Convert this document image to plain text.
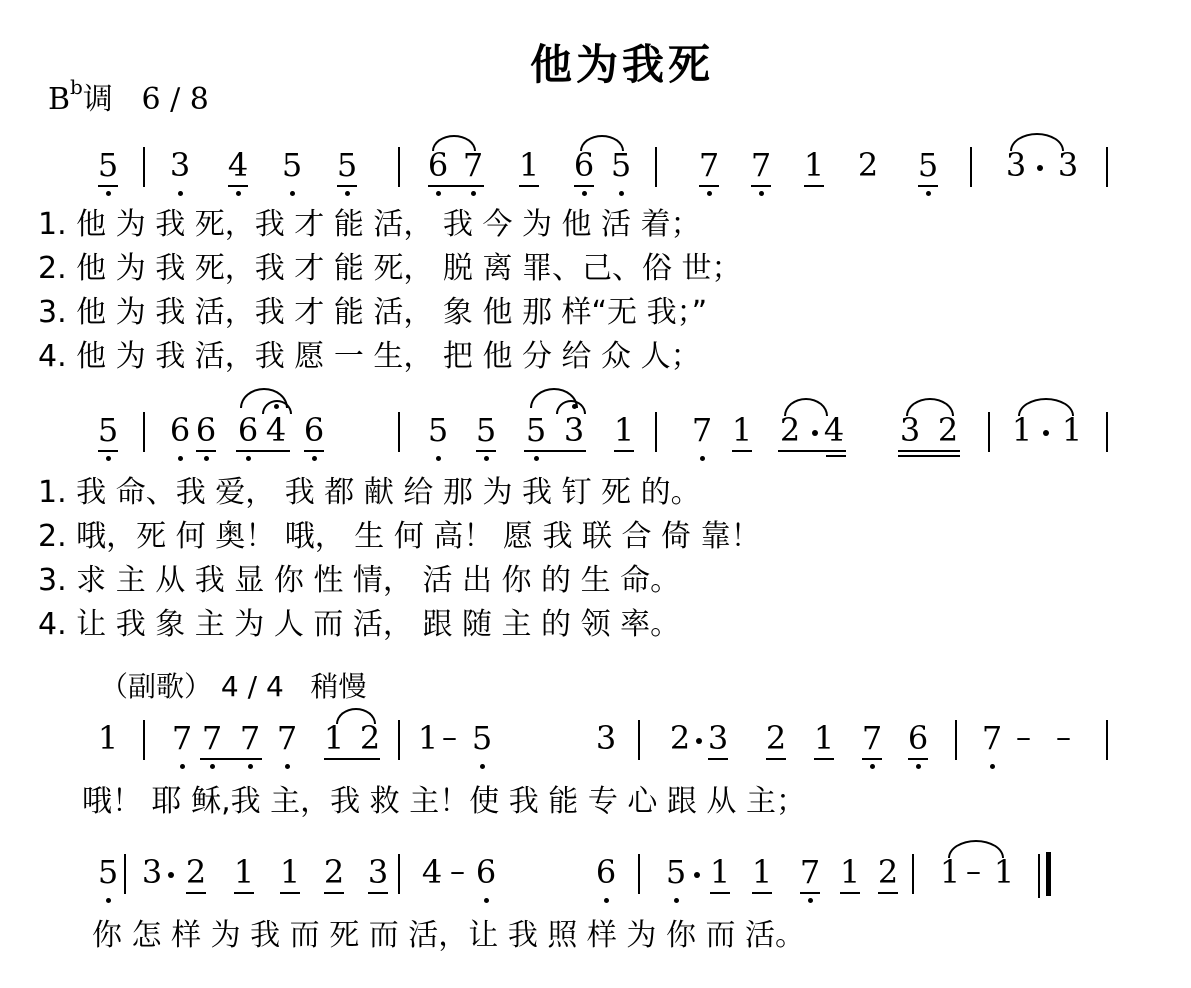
他为我死
$B^b$调 6 / 8
5 3 4 5 5 6 7 1 6 5 7 7 1 2 5 3 3
1. 他 为 我 死，我 才 能 活， 我 今 为 他 活 着；
2. 他 为 我 死，我 才 能 死， 脱 离 罪、己、俗 世；
3. 他 为 我 活，我 才 能 活， 象 他 那 样“无 我；”
4. 他 为 我 活，我 愿 一 生， 把 他 分 给 众 人；
5 6 6 6 4 6	5 5 5 3 1 7 1 2 4 3 2 1 1
1. 我 命、我 爱， 我 都 献 给 那 为 我 钉 死 的。
2. 哦，死 何 奥！ 哦， 生 何 高！ 愿 我 联 合 倚 靠！
3. 求 主 从 我 显 你 性 情， 活 出 你 的 生 命。
4. 让 我 象 主 为 人 而 活， 跟 随 主 的 领 率。
（副歌） 4 / 4   稍慢
1 7 7 7 7 1 2 1 – 5	3 2 3 2 1 7 6 7 – –
哦！ 耶 稣,我 主，我 救 主！使 我 能 专 心 跟 从 主；
5 3 2 1 1 2 3 4 – 6	6 5 1 1 7 1 2 1 – 1
你 怎 样 为 我 而 死 而 活，让 我 照 样 为 你 而 活。
